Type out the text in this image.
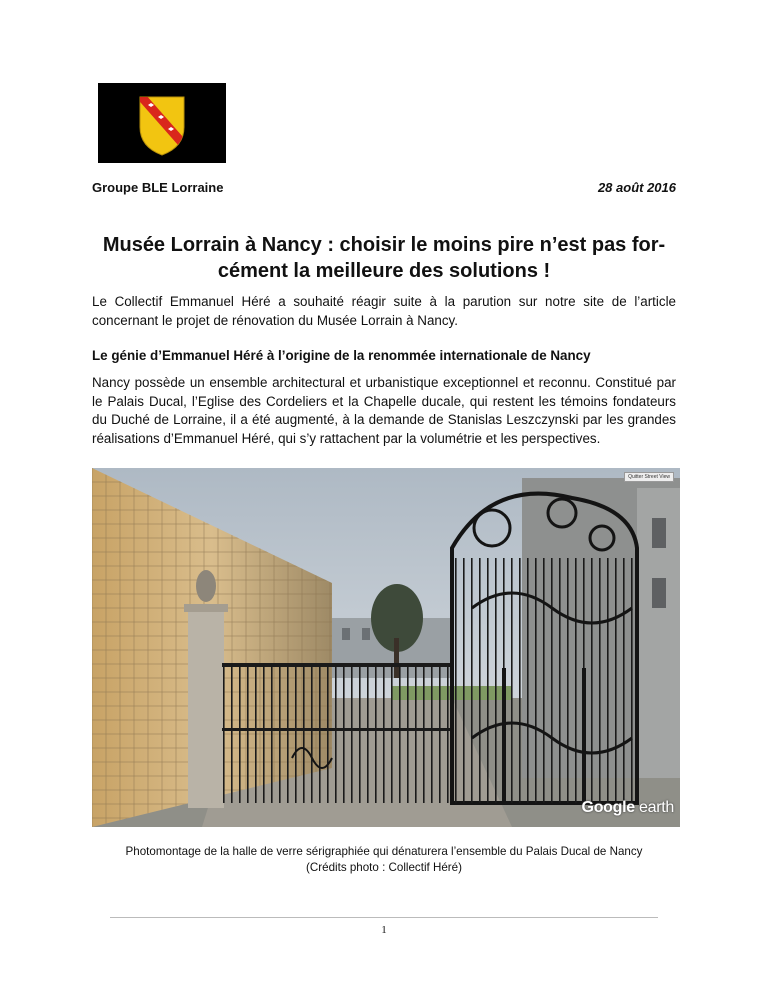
Groupe BLE Lorraine	28 août 2016
Musée Lorrain à Nancy : choisir le moins pire n’est pas for- cément la meilleure des solutions !
Le Collectif Emmanuel Héré a souhaité réagir suite à la parution sur notre site de l’article concernant le projet de rénovation du Musée Lorrain à Nancy.
Le génie d’Emmanuel Héré à l’origine de la renommée internationale de Nancy
Nancy possède un ensemble architectural et urbanistique exceptionnel et reconnu. Constitué par le Palais Ducal, l’Eglise des Cordeliers et la Chapelle ducale, qui restent les témoins fondateurs du Duché de Lorraine, il a été augmenté, à la demande de Stanislas Leszczynski par les grandes réalisations d’Emmanuel Héré, qui s’y rattachent par la volumétrie et les perspectives.
Quitter Street View
Google earth
Photomontage de la halle de verre sérigraphiée qui dénaturera l’ensemble du Palais Ducal de Nancy
(Crédits photo : Collectif Héré)
1
